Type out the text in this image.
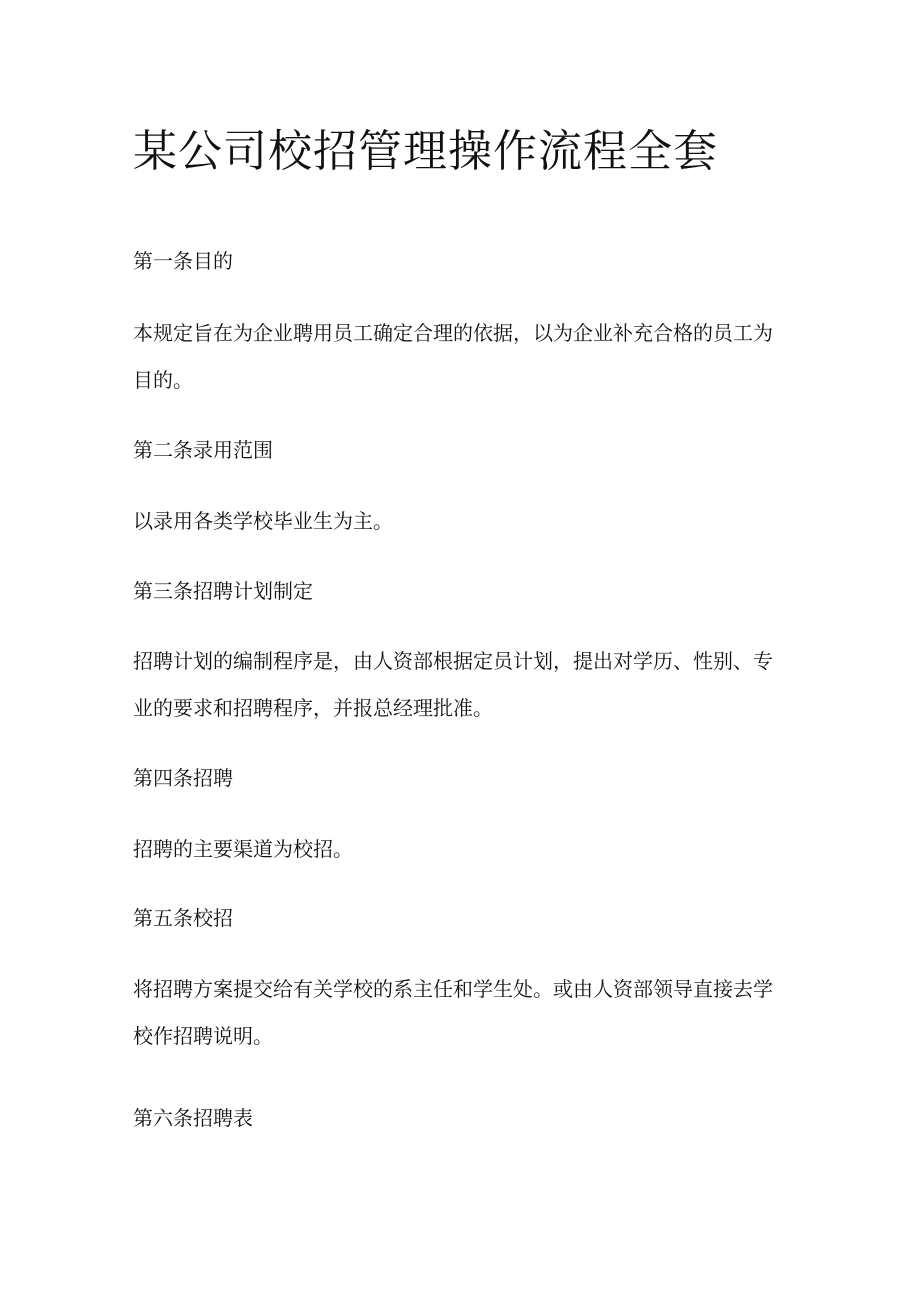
某公司校招管理操作流程全套
第一条目的

本规定旨在为企业聘用员工确定合理的依据，以为企业补充合格的员工为目的。

第二条录用范围

以录用各类学校毕业生为主。

第三条招聘计划制定

招聘计划的编制程序是，由人资部根据定员计划，提出对学历、性别、专业的要求和招聘程序，并报总经理批准。

第四条招聘

招聘的主要渠道为校招。

第五条校招

将招聘方案提交给有关学校的系主任和学生处。或由人资部领导直接去学校作招聘说明。

第六条招聘表
